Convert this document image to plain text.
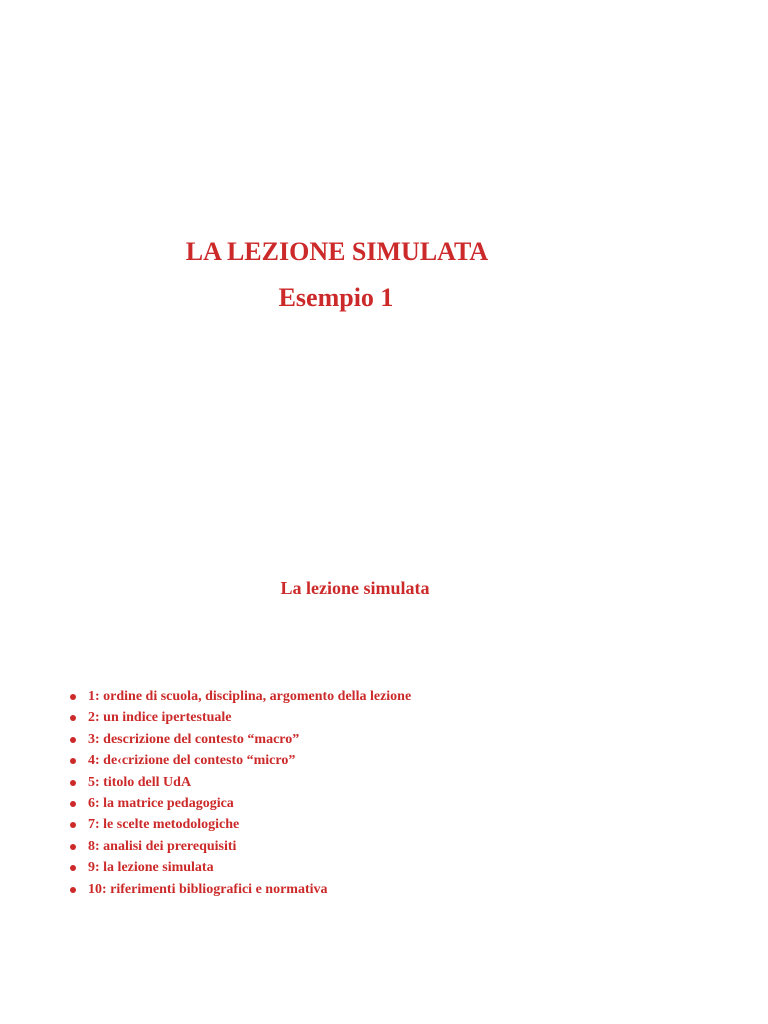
LA LEZIONE SIMULATA
Esempio 1
La lezione simulata
1: ordine di scuola, disciplina, argomento della lezione
2: un indice ipertestuale
3: descrizione del contesto “macro”
4: de‹crizione del contesto “micro”
5: titolo dell UdA
6: la matrice pedagogica
7: le scelte metodologiche
8: analisi dei prerequisiti
9: la lezione simulata
10: riferimenti bibliografici e normativa
